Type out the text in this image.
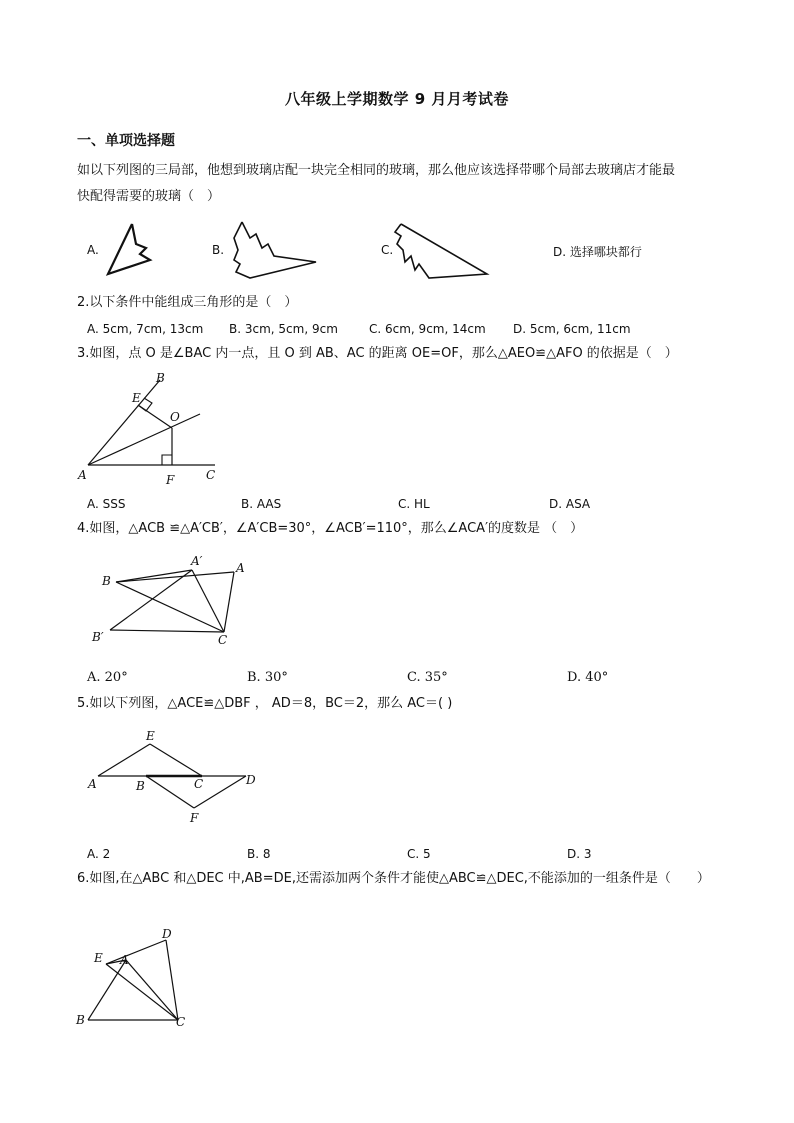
八年级上学期数学 9 月月考试卷
一、单项选择题
如以下列图的三局部，他想到玻璃店配一块完全相同的玻璃，那么他应该选择带哪个局部去玻璃店才能最
快配得需要的玻璃（　）
A.	B.	C.	D. 选择哪块都行
2.以下条件中能组成三角形的是（　）
A. 5cm, 7cm, 13cm B. 3cm, 5cm, 9cm	C. 6cm, 9cm, 14cm D. 5cm, 6cm, 11cm
3.如图，点 O 是∠BAC 内一点，且 O 到 AB、AC 的距离 OE=OF，那么△AEO≌△AFO 的依据是（　）
B
E
O
A	F	C
A. SSS	B. AAS	C. HL	D. ASA
4.如图，△ACB ≌△A′CB′，∠A′CB=30°，∠ACB′=110°，那么∠ACA′的度数是 （　）
A′	A
B
B′	C
A. 20°	B. 30°	C. 35°	D. 40°
5.如以下列图，△ACE≌△DBF ， AD＝8，BC＝2，那么 AC＝( )
E
A	B	C	D
F
A. 2	B. 8	C. 5	D. 3
6.如图,在△ABC 和△DEC 中,AB=DE,还需添加两个条件才能使△ABC≌△DEC,不能添加的一组条件是（　　）
D
E A
B	C
